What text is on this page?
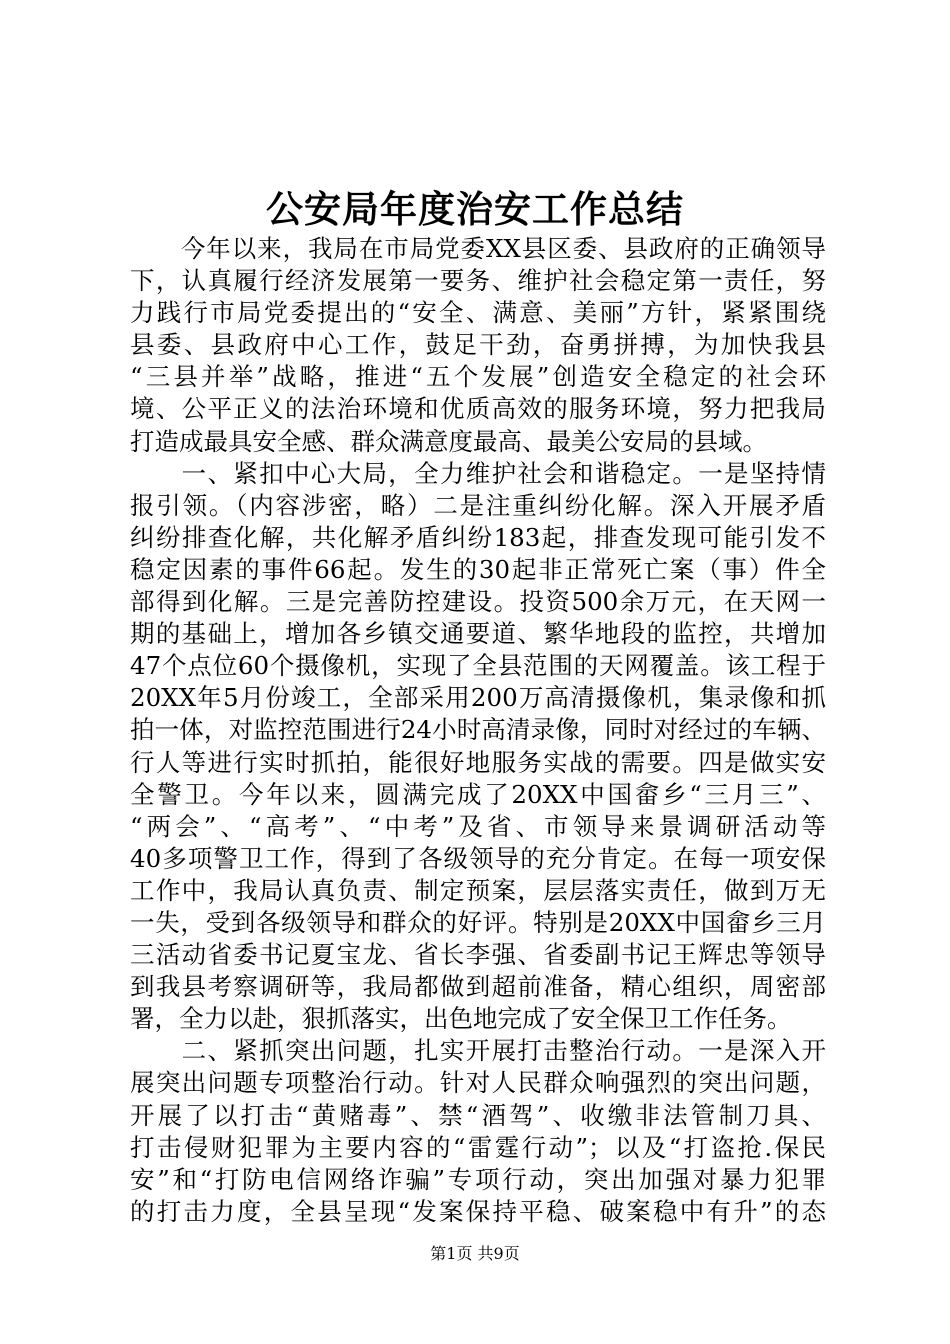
公安局年度治安工作总结
　　今年以来，我局在市局党委XX县区委、县政府的正确领导
下，认真履行经济发展第一要务、维护社会稳定第一责任，努
力践行市局党委提出的“安全、满意、美丽”方针，紧紧围绕
县委、县政府中心工作，鼓足干劲，奋勇拼搏，为加快我县
“三县并举”战略，推进“五个发展”创造安全稳定的社会环
境、公平正义的法治环境和优质高效的服务环境，努力把我局
打造成最具安全感、群众满意度最高、最美公安局的县域。
　　一、紧扣中心大局，全力维护社会和谐稳定。一是坚持情
报引领。（内容涉密，略）二是注重纠纷化解。深入开展矛盾
纠纷排查化解，共化解矛盾纠纷183起，排查发现可能引发不
稳定因素的事件66起。发生的30起非正常死亡案（事）件全
部得到化解。三是完善防控建设。投资500余万元，在天网一
期的基础上，增加各乡镇交通要道、繁华地段的监控，共增加
47个点位60个摄像机，实现了全县范围的天网覆盖。该工程于
20XX年5月份竣工，全部采用200万高清摄像机，集录像和抓
拍一体，对监控范围进行24小时高清录像，同时对经过的车辆、
行人等进行实时抓拍，能很好地服务实战的需要。四是做实安
全警卫。今年以来，圆满完成了20XX中国畲乡“三月三”、
“两会”、“高考”、“中考”及省、市领导来景调研活动等
40多项警卫工作，得到了各级领导的充分肯定。在每一项安保
工作中，我局认真负责、制定预案，层层落实责任，做到万无
一失，受到各级领导和群众的好评。特别是20XX中国畲乡三月
三活动省委书记夏宝龙、省长李强、省委副书记王辉忠等领导
到我县考察调研等，我局都做到超前准备，精心组织，周密部
署，全力以赴，狠抓落实，出色地完成了安全保卫工作任务。
　　二、紧抓突出问题，扎实开展打击整治行动。一是深入开
展突出问题专项整治行动。针对人民群众响强烈的突出问题，
开展了以打击“黄赌毒”、禁“酒驾”、收缴非法管制刀具、
打击侵财犯罪为主要内容的“雷霆行动”；以及“打盗抢.保民
安”和“打防电信网络诈骗”专项行动，突出加强对暴力犯罪
的打击力度，全县呈现“发案保持平稳、破案稳中有升”的态
第1页 共9页
